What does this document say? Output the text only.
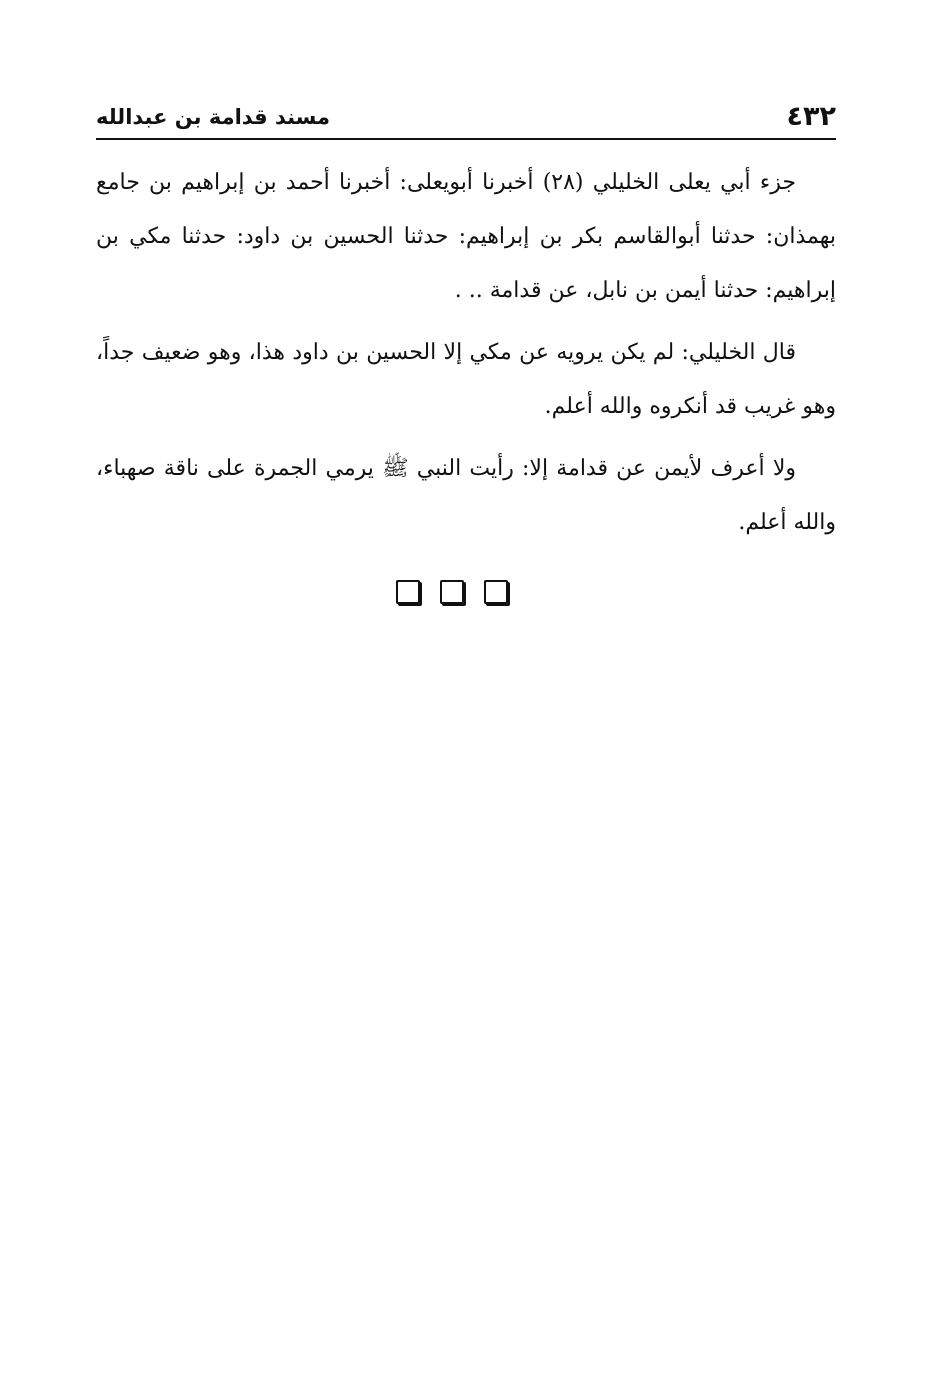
٤٣٢
مسند قدامة بن عبدالله

جزء أبي يعلى الخليلي (٢٨) أخبرنا أبويعلى: أخبرنا أحمد بن إبراهيم بن جامع بهمذان: حدثنا أبوالقاسم بكر بن إبراهيم: حدثنا الحسين بن داود: حدثنا مكي بن إبراهيم: حدثنا أيمن بن نابل، عن قدامة .. .

قال الخليلي: لم يكن يرويه عن مكي إلا الحسين بن داود هذا، وهو ضعيف جداً، وهو غريب قد أنكروه والله أعلم.

ولا أعرف لأيمن عن قدامة إلا: رأيت النبي ﷺ يرمي الجمرة على ناقة صهباء، والله أعلم.
